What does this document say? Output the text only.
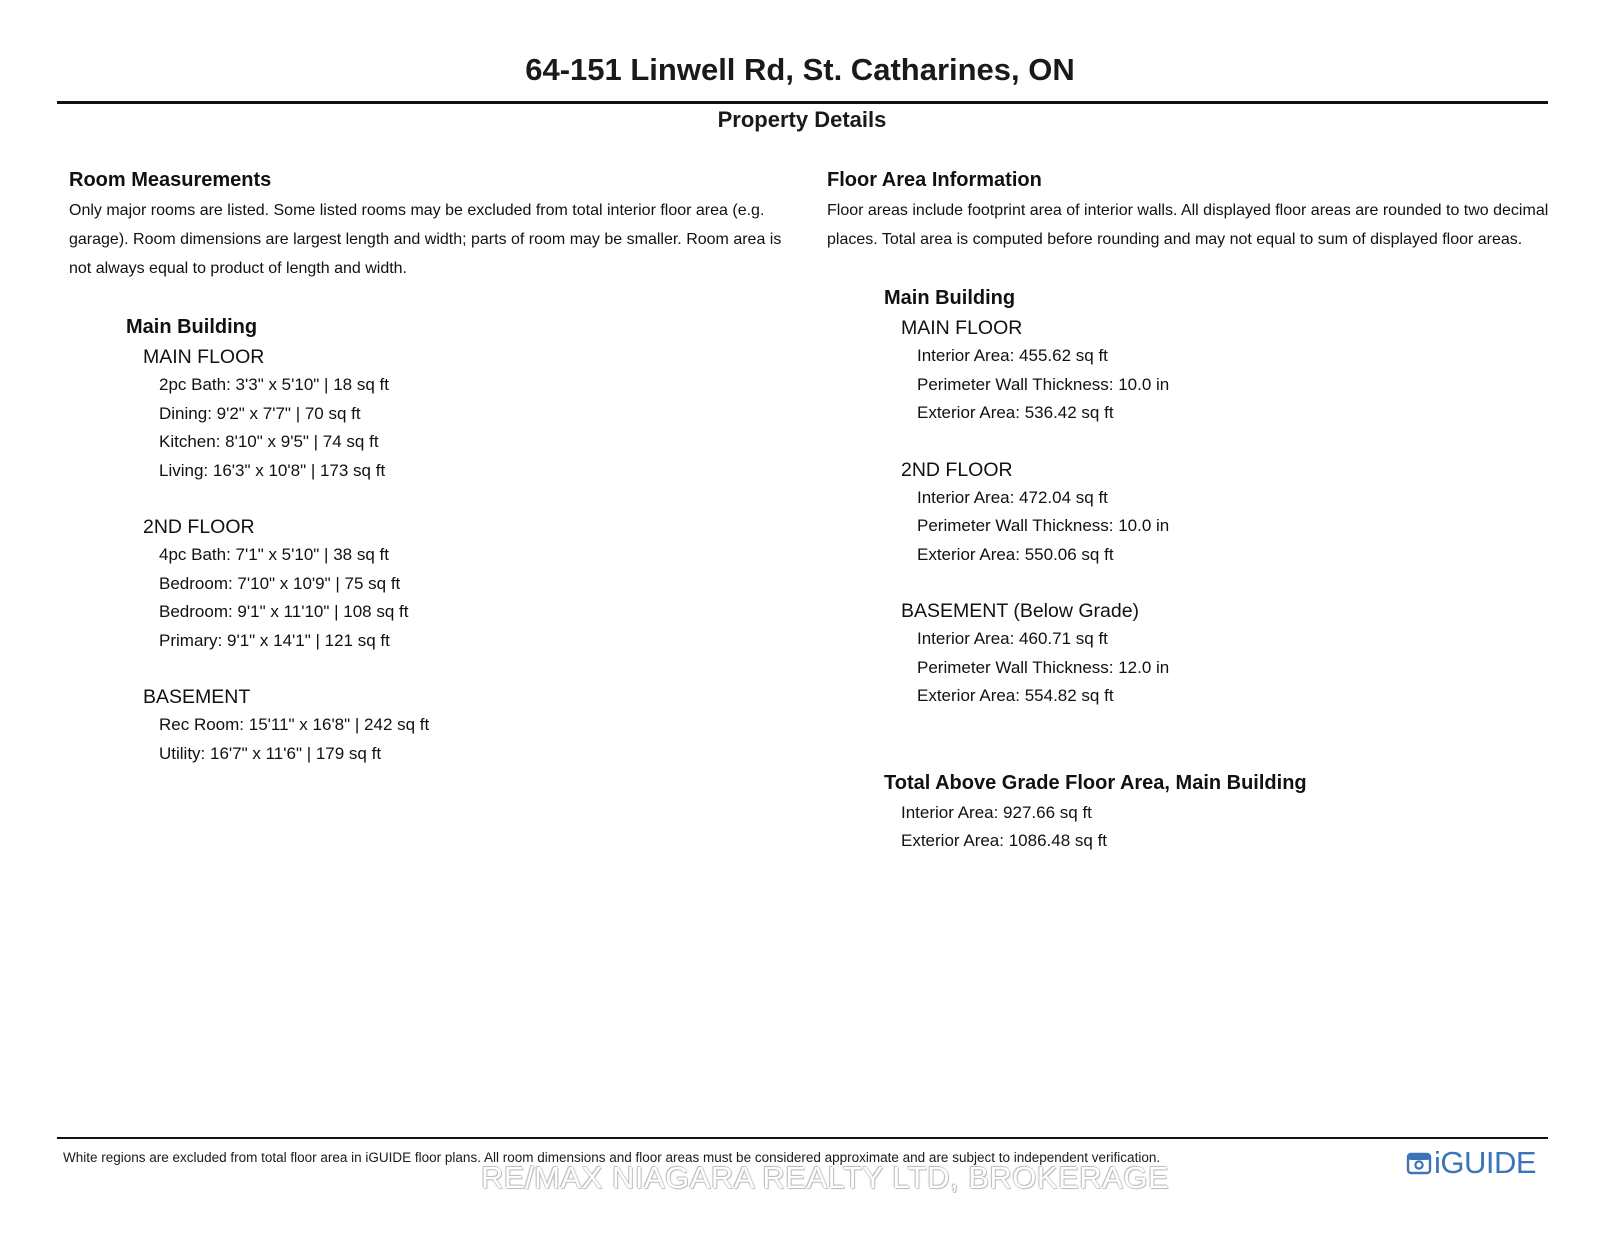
64-151 Linwell Rd, St. Catharines, ON
Property Details
Room Measurements

Only major rooms are listed. Some listed rooms may be excluded from total interior floor area (e.g. garage). Room dimensions are largest length and width; parts of room may be smaller. Room area is not always equal to product of length and width.

Main Building
MAIN FLOOR
2pc Bath: 3'3" x 5'10" | 18 sq ft
Dining: 9'2" x 7'7" | 70 sq ft
Kitchen: 8'10" x 9'5" | 74 sq ft
Living: 16'3" x 10'8" | 173 sq ft
2ND FLOOR
4pc Bath: 7'1" x 5'10" | 38 sq ft
Bedroom: 7'10" x 10'9" | 75 sq ft
Bedroom: 9'1" x 11'10" | 108 sq ft
Primary: 9'1" x 14'1" | 121 sq ft
BASEMENT
Rec Room: 15'11" x 16'8" | 242 sq ft
Utility: 16'7" x 11'6" | 179 sq ft
Floor Area Information

Floor areas include footprint area of interior walls. All displayed floor areas are rounded to two decimal places. Total area is computed before rounding and may not equal to sum of displayed floor areas.

Main Building
MAIN FLOOR
Interior Area: 455.62 sq ft
Perimeter Wall Thickness: 10.0 in
Exterior Area: 536.42 sq ft
2ND FLOOR
Interior Area: 472.04 sq ft
Perimeter Wall Thickness: 10.0 in
Exterior Area: 550.06 sq ft
BASEMENT (Below Grade)
Interior Area: 460.71 sq ft
Perimeter Wall Thickness: 12.0 in
Exterior Area: 554.82 sq ft
Total Above Grade Floor Area, Main Building
Interior Area: 927.66 sq ft
Exterior Area: 1086.48 sq ft
White regions are excluded from total floor area in iGUIDE floor plans. All room dimensions and floor areas must be considered approximate and are subject to independent verification.
RE/MAX NIAGARA REALTY LTD, BROKERAGE	iGUIDE
